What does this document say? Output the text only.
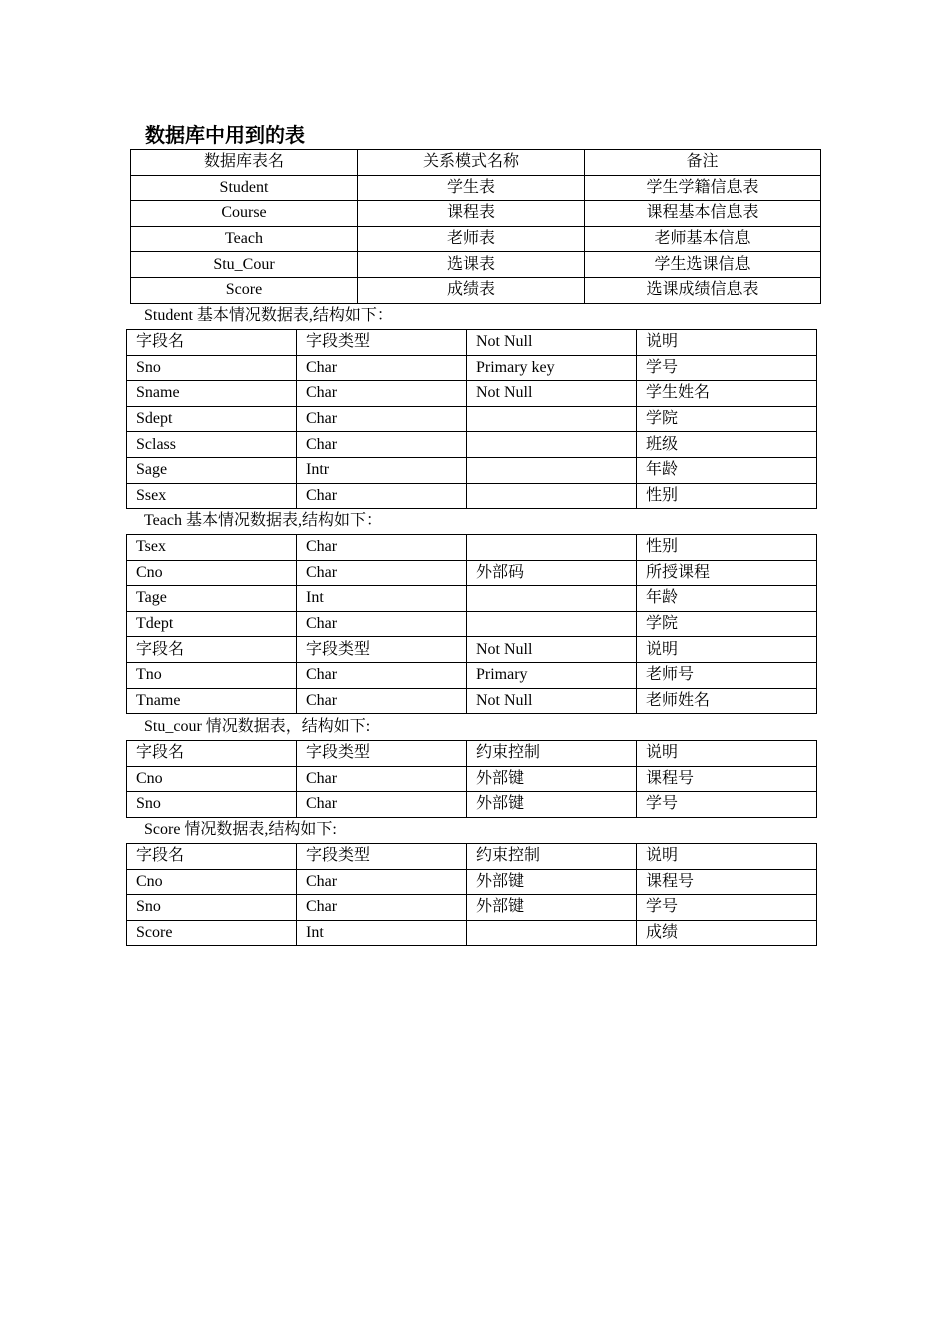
数据库中用到的表
数据库表名	关系模式名称	备注
Student	学生表	学生学籍信息表
Course	课程表	课程基本信息表
Teach	老师表	老师基本信息
Stu_Cour	选课表	学生选课信息
Score	成绩表	选课成绩信息表
Student 基本情况数据表,结构如下：
字段名	字段类型	Not Null	说明
Sno	Char	Primary key	学号
Sname	Char	Not Null	学生姓名
Sdept	Char		学院
Sclass	Char		班级
Sage	Intr		年龄
Ssex	Char		性别
Teach 基本情况数据表,结构如下：
Tsex	Char		性别
Cno	Char	外部码	所授课程
Tage	Int		年龄
Tdept	Char		学院
字段名	字段类型	Not Null	说明
Tno	Char	Primary	老师号
Tname	Char	Not Null	老师姓名
Stu_cour 情况数据表，结构如下:
字段名	字段类型	约束控制	说明
Cno	Char	外部键	课程号
Sno	Char	外部键	学号
Score 情况数据表,结构如下:
字段名	字段类型	约束控制	说明
Cno	Char	外部键	课程号
Sno	Char	外部键	学号
Score	Int		成绩
